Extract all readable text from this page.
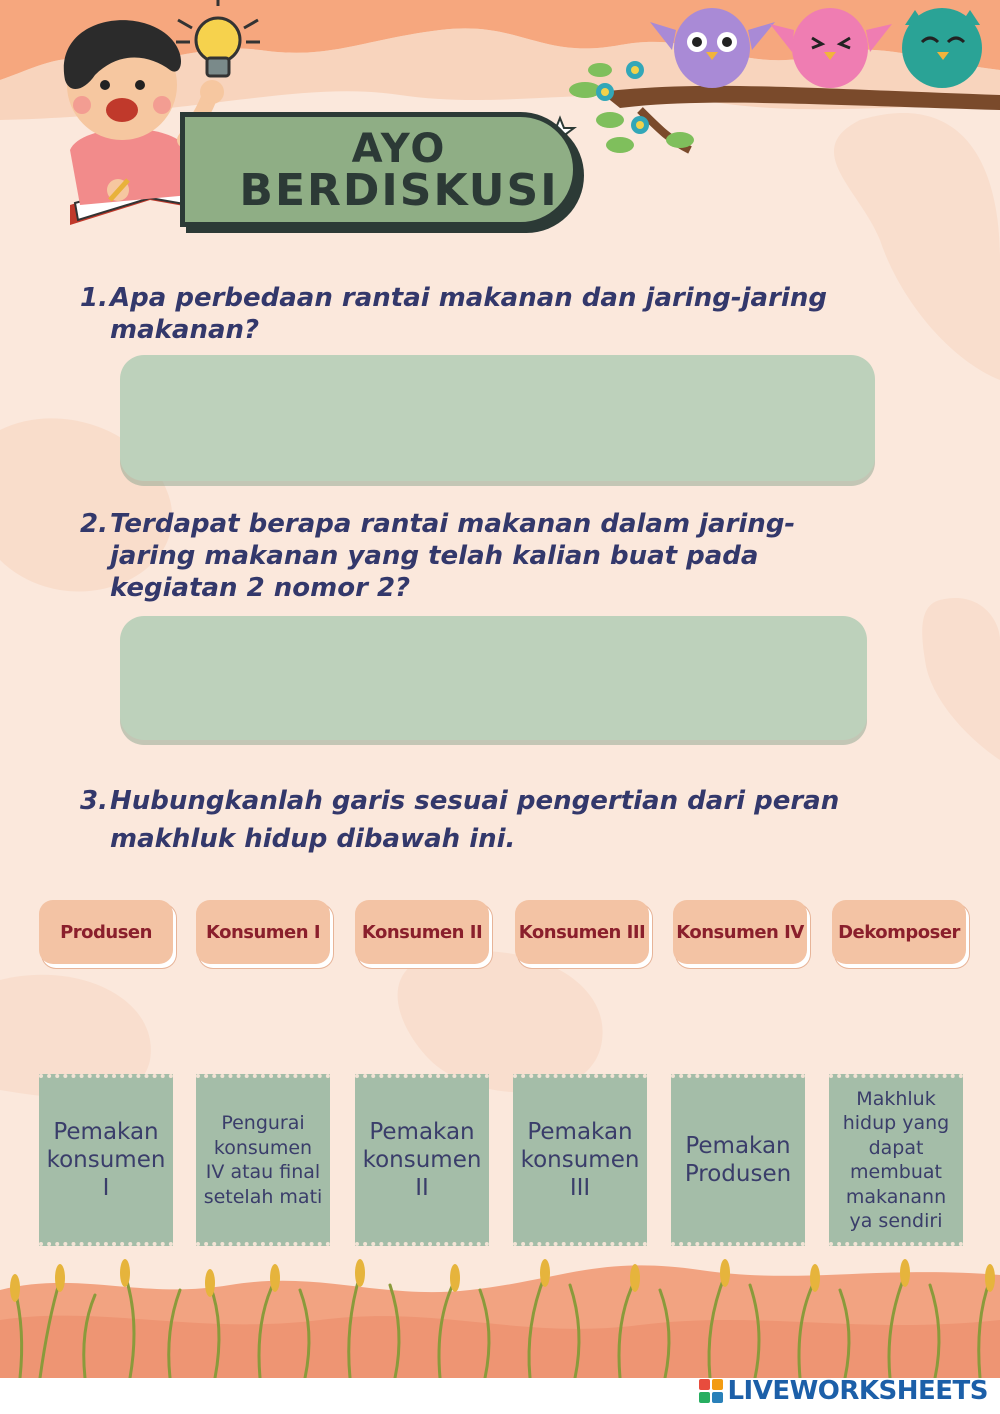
AYO
BERDISKUSI
1. Apa perbedaan rantai makanan dan jaring-jaring makanan?
2. Terdapat berapa rantai makanan dalam jaring-jaring makanan yang telah kalian buat pada kegiatan 2 nomor 2?
3. Hubungkanlah garis sesuai pengertian dari peran makhluk hidup dibawah ini.
Produsen	Konsumen I	Konsumen II	Konsumen III Konsumen IV	Dekomposer
Pemakan konsumen I
Pengurai konsumen IV atau final setelah mati
Pemakan konsumen II
Pemakan konsumen III
Pemakan Produsen
Makhluk hidup yang dapat membuat makanann ya sendiri
LIVEWORKSHEETS
